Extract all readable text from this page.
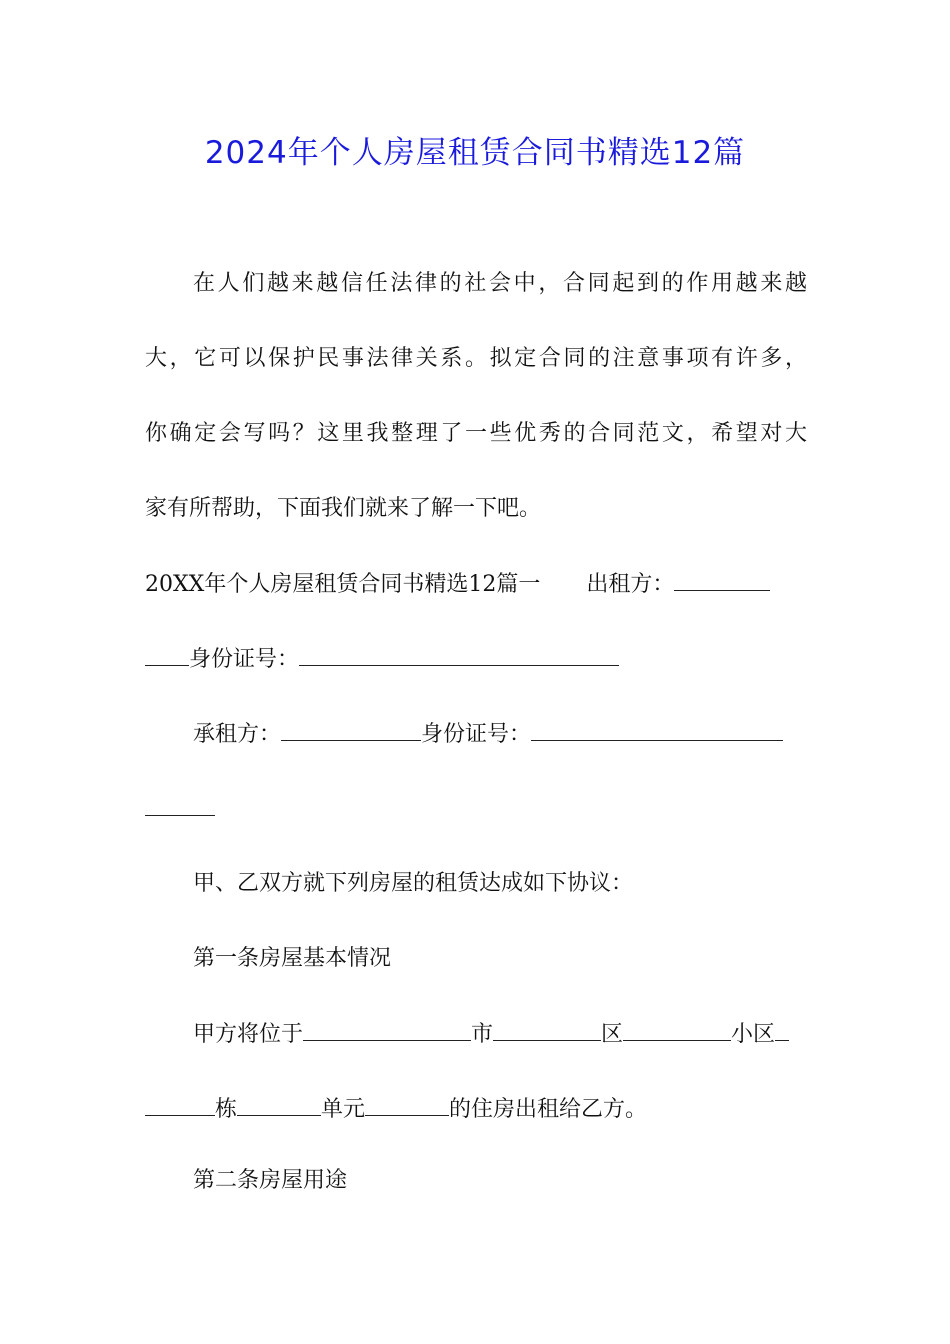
2024年个人房屋租赁合同书精选12篇
在人们越来越信任法律的社会中，合同起到的作用越来越
大，它可以保护民事法律关系。拟定合同的注意事项有许多，
你确定会写吗？这里我整理了一些优秀的合同范文，希望对大
家有所帮助，下面我们就来了解一下吧。
20XX年个人房屋租赁合同书精选12篇一 出租方：
身份证号：
承租方：	身份证号：
甲、乙双方就下列房屋的租赁达成如下协议：
第一条房屋基本情况
甲方将位于	市	区	小区
栋	单元	的住房出租给乙方。
第二条房屋用途
